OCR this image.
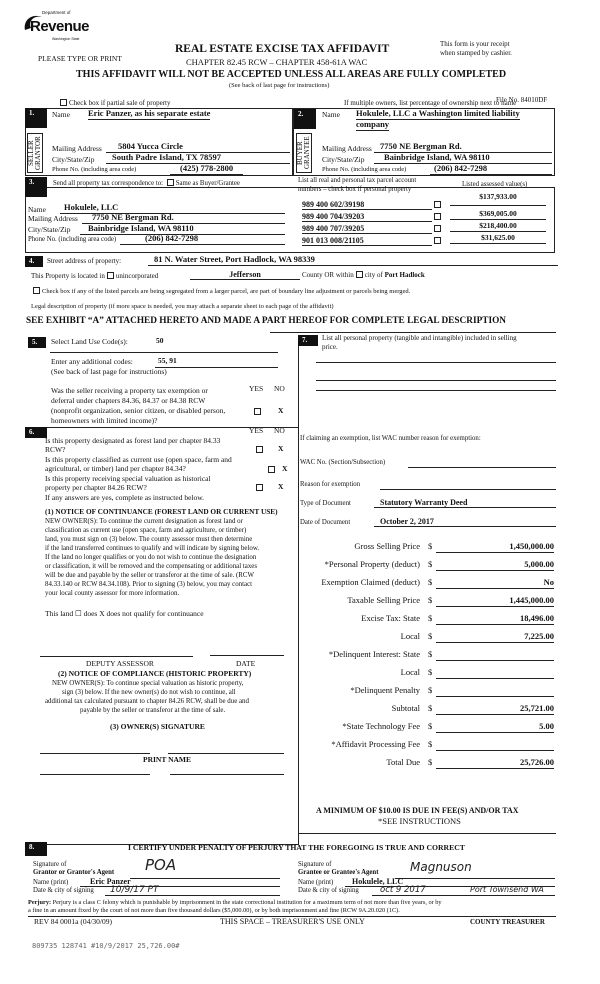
Department of
Revenue
Washington State
PLEASE TYPE OR PRINT
REAL ESTATE EXCISE TAX AFFIDAVIT
CHAPTER 82.45 RCW – CHAPTER 458-61A WAC
This form is your receipt
when stamped by cashier.
THIS AFFIDAVIT WILL NOT BE ACCEPTED UNLESS ALL AREAS ARE FULLY COMPLETED
(See back of last page for instructions)
File No. 84010DF
Check box if partial sale of property	If multiple owners, list percentage of ownership next to name
1.
SELLER GRANTOR
Name Eric Panzer, as his separate estate
Mailing Address	5804 Yucca Circle
City/State/Zip	South Padre Island, TX 78597
Phone No. (including area code)	(425) 778-2800
2.
BUYER GRANTEE
Name Hokulele, LLC a Washington limited liability
company
Mailing Address 7750 NE Bergman Rd.
City/State/Zip	Bainbridge Island, WA 98110
Phone No. (including area code)	(206) 842-7298
3.	Send all property tax correspondence to: Same as Buyer/Grantee
Name	Hokulele, LLC
Mailing Address	7750 NE Bergman Rd.
City/State/Zip	Bainbridge Island, WA 98110
Phone No. (including area code)	(206) 842-7298
List all real and personal tax parcel account
numbers – check box if personal property
Listed assessed value(s)
989 400 602/39198
$137,933.00
989 400 704/39203	$369,005.00
989 400 707/39205	$218,400.00
901 013 008/21105	$31,625.00
4.	Street address of property:	81 N. Water Street, Port Hadlock, WA 98339
This Property is located in unincorporated	Jefferson	County OR within city of Port Hadlock
Check box if any of the listed parcels are being segregated from a larger parcel, are part of boundary line adjustment or parcels being merged.
Legal description of property (if more space is needed, you may attach a separate sheet to each page of the affidavit)
SEE EXHIBIT “A” ATTACHED HERETO AND MADE A PART HEREOF FOR COMPLETE LEGAL DESCRIPTION
5.	Select Land Use Code(s):	50
Enter any additional codes:	55, 91
(See back of last page for instructions)
Was the seller receiving a property tax exemption or
deferral under chapters 84.36, 84.37 or 84.38 RCW
(nonprofit organization, senior citizen, or disabled person,
homeowners with limited income)?
YES NO
X
6.	YES NO
Is this property designated as forest land per chapter 84.33
RCW?	X
Is this property classified as current use (open space, farm and
agricultural, or timber) land per chapter 84.34?	X
Is this property receiving special valuation as historical
property per chapter 84.26 RCW?	X
If any answers are yes, complete as instructed below.
(1) NOTICE OF CONTINUANCE (FOREST LAND OR CURRENT USE)
NEW OWNER(S): To continue the current designation as forest land or
classification as current use (open space, farm and agriculture, or timber)
land, you must sign on (3) below. The county assessor must then determine
if the land transferred continues to qualify and will indicate by signing below.
If the land no longer qualifies or you do not wish to continue the designation
or classification, it will be removed and the compensating or additional taxes
will be due and payable by the seller or transferor at the time of sale. (RCW
84.33.140 or RCW 84.34.108). Prior to signing (3) below, you may contact
your local county assessor for more information.
This land ☐ does X does not qualify for continuance
DEPUTY ASSESSOR	DATE
(2) NOTICE OF COMPLIANCE (HISTORIC PROPERTY)
NEW OWNER(S): To continue special valuation as historic property,
sign (3) below. If the new owner(s) do not wish to continue, all
additional tax calculated pursuant to chapter 84.26 RCW, shall be due and
payable by the seller or transferor at the time of sale.
(3) OWNER(S) SIGNATURE
PRINT NAME
7.	List all personal property (tangible and intangible) included in selling
price.
If claiming an exemption, list WAC number reason for exemption:
WAC No. (Section/Subsection)
Reason for exemption
Type of Document	Statutory Warranty Deed
Date of Document	October 2, 2017
Gross Selling Price $	1,450,000.00
*Personal Property (deduct) $	5,000.00
Exemption Claimed (deduct) $	No
Taxable Selling Price $	1,445,000.00
Excise Tax: State $	18,496.00
Local $	7,225.00
*Delinquent Interest: State $
Local $
*Delinquent Penalty $
Subtotal $	25,721.00
*State Technology Fee $	5.00
*Affidavit Processing Fee $
Total Due $	25,726.00
A MINIMUM OF $10.00 IS DUE IN FEE(S) AND/OR TAX
*SEE INSTRUCTIONS
8.	I CERTIFY UNDER PENALTY OF PERJURY THAT THE FOREGOING IS TRUE AND CORRECT
Signature of
Grantor or Grantor's Agent POA
Name (print)	Eric Panzer
Date & city of signing 10/9/17 PT
Signature of
Grantee or Grantee's Agent	Magnuson
Name (print) Hokulele, LLC
Date & city of signing oct 9 2017	Port Townsend WA
Perjury: Perjury is a class C felony which is punishable by imprisonment in the state correctional institution for a maximum term of not more than five years, or by
a fine in an amount fixed by the court of not more than five thousand dollars ($5,000.00), or by both imprisonment and fine (RCW 9A.20.020 (1C).
REV 84 0001a (04/30/09)	THIS SPACE – TREASURER'S USE ONLY	COUNTY TREASURER
809735 128741 #10/9/2017 25,726.00#
